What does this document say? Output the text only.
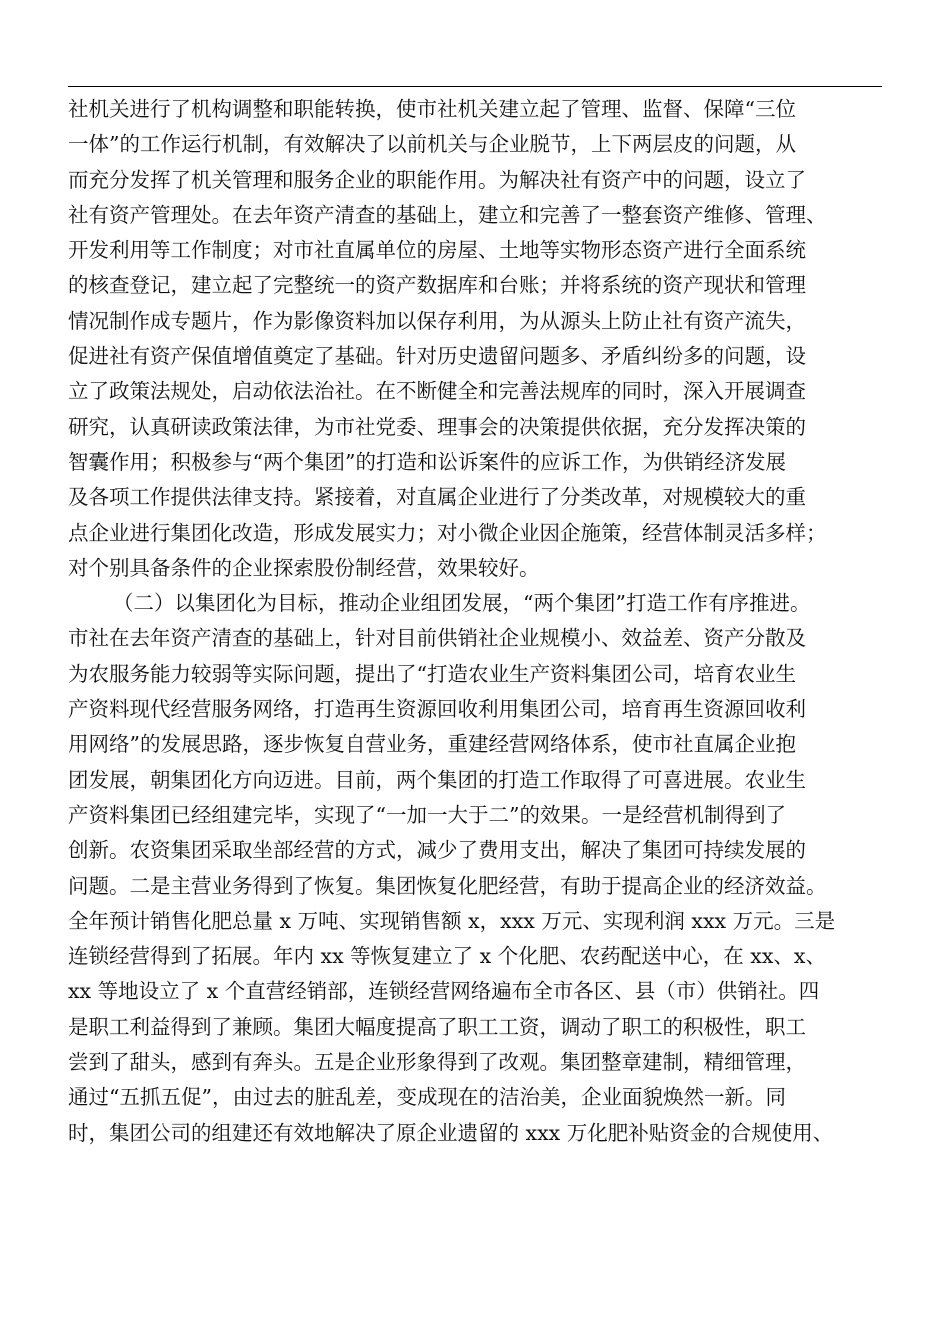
社机关进行了机构调整和职能转换，使市社机关建立起了管理、监督、保障“三位
一体”的工作运行机制，有效解决了以前机关与企业脱节，上下两层皮的问题，从
而充分发挥了机关管理和服务企业的职能作用。为解决社有资产中的问题，设立了
社有资产管理处。在去年资产清查的基础上，建立和完善了一整套资产维修、管理、
开发利用等工作制度；对市社直属单位的房屋、土地等实物形态资产进行全面系统
的核查登记，建立起了完整统一的资产数据库和台账；并将系统的资产现状和管理
情况制作成专题片，作为影像资料加以保存利用，为从源头上防止社有资产流失，
促进社有资产保值增值奠定了基础。针对历史遗留问题多、矛盾纠纷多的问题，设
立了政策法规处，启动依法治社。在不断健全和完善法规库的同时，深入开展调查
研究，认真研读政策法律，为市社党委、理事会的决策提供依据，充分发挥决策的
智囊作用；积极参与“两个集团”的打造和讼诉案件的应诉工作，为供销经济发展
及各项工作提供法律支持。紧接着，对直属企业进行了分类改革，对规模较大的重
点企业进行集团化改造，形成发展实力；对小微企业因企施策，经营体制灵活多样；
对个别具备条件的企业探索股份制经营，效果较好。
（二）以集团化为目标，推动企业组团发展，“两个集团”打造工作有序推进。
市社在去年资产清查的基础上，针对目前供销社企业规模小、效益差、资产分散及
为农服务能力较弱等实际问题，提出了“打造农业生产资料集团公司，培育农业生
产资料现代经营服务网络，打造再生资源回收利用集团公司，培育再生资源回收利
用网络”的发展思路，逐步恢复自营业务，重建经营网络体系，使市社直属企业抱
团发展，朝集团化方向迈进。目前，两个集团的打造工作取得了可喜进展。农业生
产资料集团已经组建完毕，实现了“一加一大于二”的效果。一是经营机制得到了
创新。农资集团采取坐部经营的方式，减少了费用支出，解决了集团可持续发展的
问题。二是主营业务得到了恢复。集团恢复化肥经营，有助于提高企业的经济效益。
全年预计销售化肥总量 x 万吨、实现销售额 x，xxx 万元、实现利润 xxx 万元。三是
连锁经营得到了拓展。年内 xx 等恢复建立了 x 个化肥、农药配送中心，在 xx、x、
xx 等地设立了 x 个直营经销部，连锁经营网络遍布全市各区、县（市）供销社。四
是职工利益得到了兼顾。集团大幅度提高了职工工资，调动了职工的积极性，职工
尝到了甜头，感到有奔头。五是企业形象得到了改观。集团整章建制，精细管理，
通过“五抓五促”，由过去的脏乱差，变成现在的洁治美，企业面貌焕然一新。同
时，集团公司的组建还有效地解决了原企业遗留的 xxx 万化肥补贴资金的合规使用、
